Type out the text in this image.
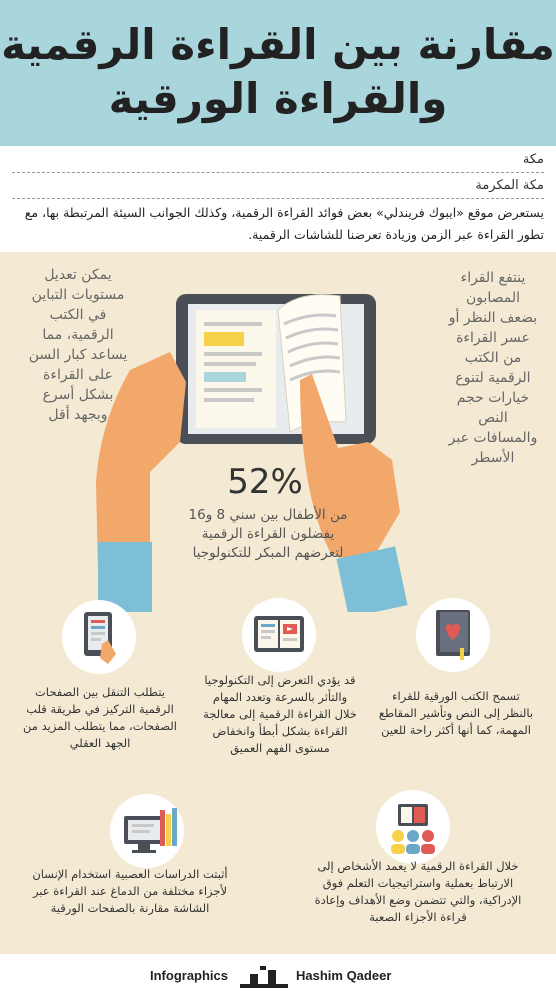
مقارنة بين القراءة الرقمية
والقراءة الورقية
مكة
مكة المكرمة
يستعرض موقع «ايبوك فريندلي» بعض فوائد القراءة الرقمية، وكذلك الجوانب السيئة المرتبطة بها، مع تطور القراءة عبر الزمن وزيادة تعرضنا للشاشات الرقمية.
يمكن تعديل مستويات التباين في الكتب الرقمية، مما يساعد كبار السن على القراءة بشكل أسرع وبجهد أقل
ينتفع القراء المصابون بضعف النظر أو عسر القراءة من الكتب الرقمية لتنوع خيارات حجم النص والمسافات عبر الأسطر
52%
من الأطفال بين سني 8 و16 يفضلون القراءة الرقمية لتعرضهم المبكر للتكنولوجيا
يتطلب التنقل بين الصفحات الرقمية التركيز في طريقة قلب الصفحات، مما يتطلب المزيد من الجهد العقلي
قد يؤدي التعرض إلى التكنولوجيا والتأثر بالسرعة وتعدد المهام خلال القراءة الرقمية إلى معالجة القراءة بشكل أبطأ وانخفاض مستوى الفهم العميق
تسمح الكتب الورقية للقراء بالنظر إلى النص وتأشير المقاطع المهمة، كما أنها أكثر راحة للعين
أثبتت الدراسات العصبية استخدام الإنسان لأجزاء مختلفة من الدماغ عند القراءة عبر الشاشة مقارنة بالصفحات الورقية
خلال القراءة الرقمية لا يعمد الأشخاص إلى الارتباط بعملية واستراتيجيات التعلم فوق الإدراكية، والتي تتضمن وضع الأهداف وإعادة قراءة الأجزاء الصعبة
Infographics	Hashim Qadeer
